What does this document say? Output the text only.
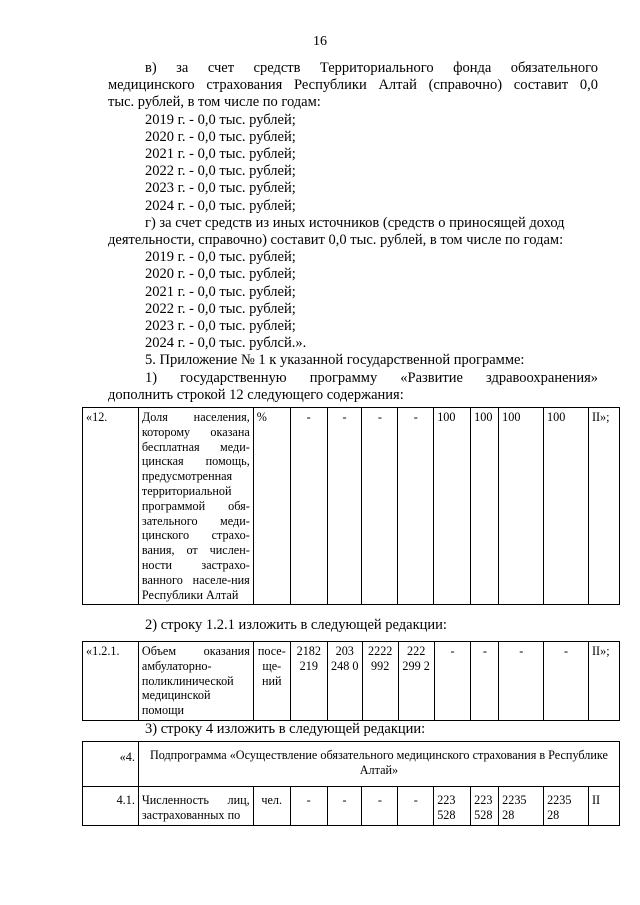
16
в) за счет средств Территориального фонда обязательного
медицинского страхования Республики Алтай (справочно) составит 0,0
тыс. рублей, в том числе по годам:
2019 г. - 0,0 тыс. рублей;
2020 г. - 0,0 тыс. рублей;
2021 г. - 0,0 тыс. рублей;
2022 г. - 0,0 тыс. рублей;
2023 г. - 0,0 тыс. рублей;
2024 г. - 0,0 тыс. рублей;
г) за счет средств из иных источников (средств о приносящей доход
деятельности, справочно) составит 0,0 тыс. рублей, в том числе по годам:
2019 г. - 0,0 тыс. рублей;
2020 г. - 0,0 тыс. рублей;
2021 г. - 0,0 тыс. рублей;
2022 г. - 0,0 тыс. рублей;
2023 г. - 0,0 тыс. рублей;
2024 г. - 0,0 тыс. рублсй.».
5. Приложение № 1 к указанной государственной программе:
1) государственную программу «Развитие здравоохранения»
дополнить строкой 12 следующего содержания:
«12.	Доля населения, которому оказана бесплатная меди-цинская помощь, предусмотренная территориальной программой обя-зательного меди-цинского страхо-вания, от числен-ности застрахо-ванного населе-ния Республики Алтай	%	-	-	-	-	100	100	100	100	II»;
2) строку 1.2.1 изложить в следующей редакции:
«1.2.1.	Объем оказания амбулаторно-поликлинической медицинской помощи	посе-ще-ний	2182 219	203 248 0	2222 992	222 299 2	-	-	-	-	II»;
3) строку 4 изложить в следующей редакции:
«4.	Подпрограмма «Осуществление обязательного медицинского страхования в Республике Алтай»										
4.1.	Численность лиц, застрахованных по	чел.	-	-	-	-	223 528	223 528	2235 28	2235 28	II
